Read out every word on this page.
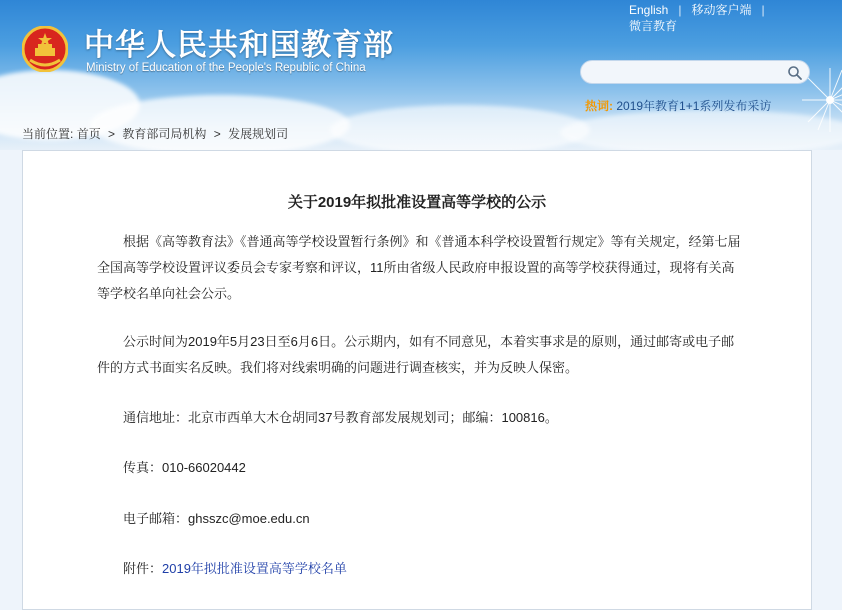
中华人民共和国教育部
Ministry of Education of the People's Republic of China
English | 移动客户端 |
微言教育
热词: 2019年教育1+1系列发布采访
当前位置: 首页 > 教育部司局机构 > 发展规划司
关于2019年拟批准设置高等学校的公示
根据《高等教育法》《普通高等学校设置暂行条例》和《普通本科学校设置暂行规定》等有关规定，经第七届全国高等学校设置评议委员会专家考察和评议，11所由省级人民政府申报设置的高等学校获得通过，现将有关高等学校名单向社会公示。
公示时间为2019年5月23日至6月6日。公示期内，如有不同意见，本着实事求是的原则，通过邮寄或电子邮件的方式书面实名反映。我们将对线索明确的问题进行调查核实，并为反映人保密。
通信地址：北京市西单大木仓胡同37号教育部发展规划司；邮编：100816。
传真：010-66020442
电子邮箱：ghsszc@moe.edu.cn
附件：2019年拟批准设置高等学校名单
